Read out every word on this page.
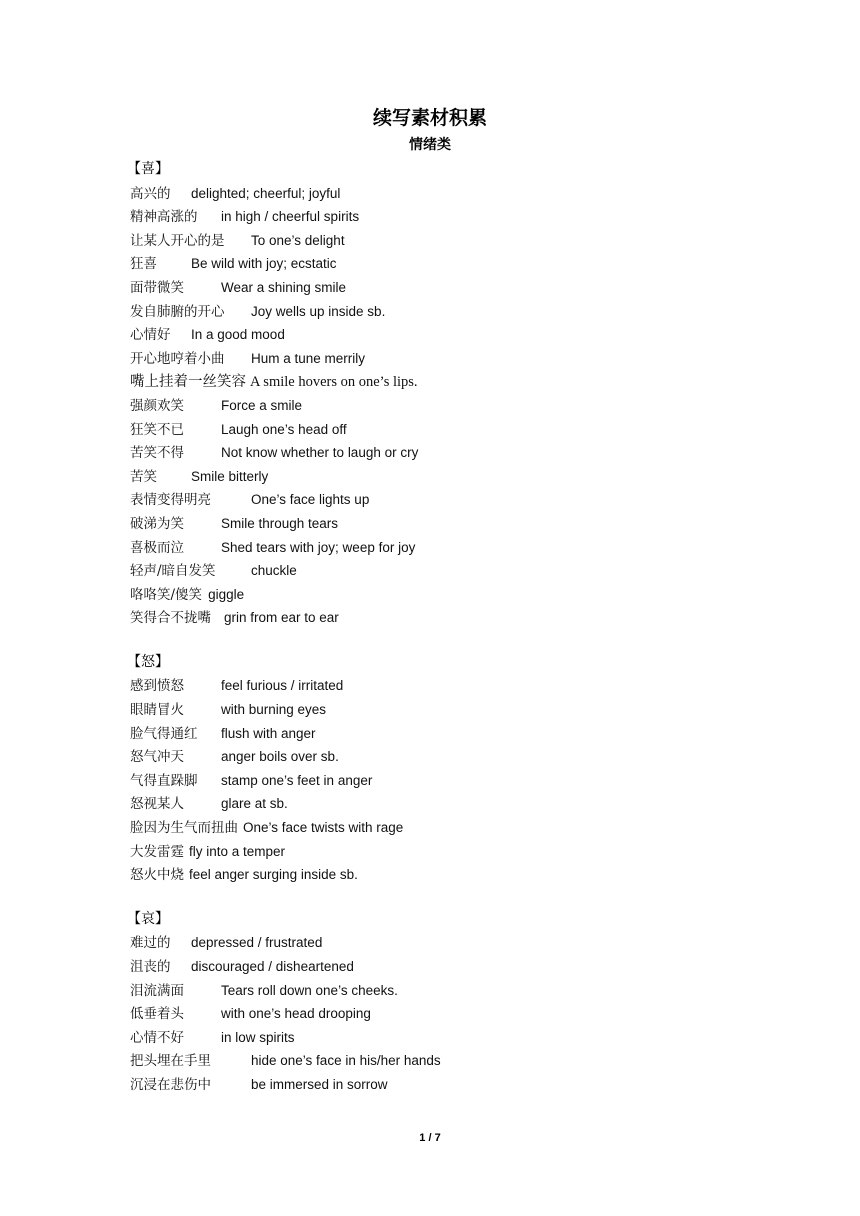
续写素材积累
情绪类
【喜】
高兴的 delighted; cheerful; joyful
精神高涨的 in high / cheerful spirits
让某人开心的是 To one’s delight
狂喜	Be wild with joy; ecstatic
面带微笑	Wear a shining smile
发自肺腑的开心 Joy wells up inside sb.
心情好 In a good mood
开心地哼着小曲 Hum a tune merrily
嘴上挂着一丝笑容 A smile hovers on one’s lips.
强颜欢笑	Force a smile
狂笑不已	Laugh one’s head off
苦笑不得	Not know whether to laugh or cry
苦笑	Smile bitterly
表情变得明亮	One’s face lights up
破涕为笑	Smile through tears
喜极而泣	Shed tears with joy; weep for joy
轻声/暗自发笑	chuckle
咯咯笑/傻笑 giggle
笑得合不拢嘴 grin from ear to ear
【怒】
感到愤怒	feel furious / irritated
眼睛冒火	with burning eyes
脸气得通红 flush with anger
怒气冲天	anger boils over sb.
气得直跺脚 stamp one’s feet in anger
怒视某人	glare at sb.
脸因为生气而扭曲 One’s face twists with rage
大发雷霆 fly into a temper
怒火中烧 feel anger surging inside sb.
【哀】
难过的 depressed / frustrated
沮丧的 discouraged / disheartened
泪流满面	Tears roll down one’s cheeks.
低垂着头	with one’s head drooping
心情不好	in low spirits
把头埋在手里	hide one’s face in his/her hands
沉浸在悲伤中	be immersed in sorrow
1 / 7
